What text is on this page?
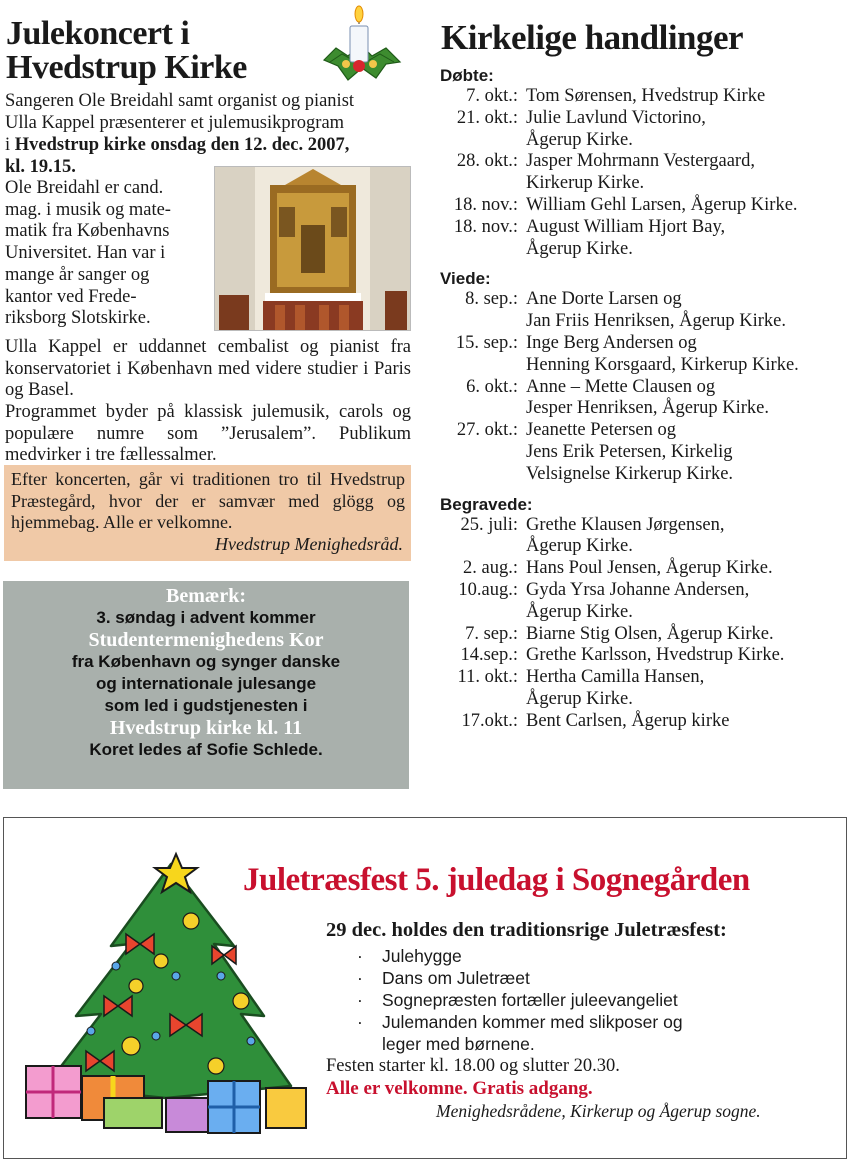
Julekoncert i
Hvedstrup Kirke
Sangeren Ole Breidahl samt organist og pianist
Ulla Kappel præsenterer et julemusikprogram
i Hvedstrup kirke onsdag den 12. dec. 2007,
kl. 19.15.
Ole Breidahl er cand.
mag. i musik og mate-
matik fra Københavns
Universitet. Han var i
mange år sanger og
kantor ved Frede-
riksborg Slotskirke.
Ulla Kappel er uddannet cembalist og pianist fra konservatoriet i København med videre studier i Paris og Basel.
Programmet byder på klassisk julemusik, carols og populære numre som ”Jerusalem”. Publikum medvirker i tre fællessalmer.
Efter koncerten, går vi traditionen tro til Hvedstrup Præstegård, hvor der er samvær med glögg og hjemmebag. Alle er velkomne.
Hvedstrup Menighedsråd.
Bemærk:
3. søndag i advent kommer
Studentermenighedens Kor
fra København og synger danske
og internationale julesange
som led i gudstjenesten i
Hvedstrup kirke kl. 11
Koret ledes af Sofie Schlede.
Kirkelige handlinger
Døbte:
7. okt.: Tom Sørensen, Hvedstrup Kirke
21. okt.: Julie Lavlund Victorino,
Ågerup Kirke.
28. okt.: Jasper Mohrmann Vestergaard,
Kirkerup Kirke.
18. nov.: William Gehl Larsen, Ågerup Kirke.
18. nov.: August William Hjort Bay,
Ågerup Kirke.
Viede:
8. sep.: Ane Dorte Larsen og
Jan Friis Henriksen, Ågerup Kirke.
15. sep.: Inge Berg Andersen og
Henning Korsgaard, Kirkerup Kirke.
6. okt.: Anne – Mette Clausen og
Jesper Henriksen, Ågerup Kirke.
27. okt.: Jeanette Petersen og
Jens Erik Petersen, Kirkelig
Velsignelse Kirkerup Kirke.
Begravede:
25. juli: Grethe Klausen Jørgensen,
Ågerup Kirke.
2. aug.: Hans Poul Jensen, Ågerup Kirke.
10.aug.: Gyda Yrsa Johanne Andersen,
Ågerup Kirke.
7. sep.: Biarne Stig Olsen, Ågerup Kirke.
14.sep.: Grethe Karlsson, Hvedstrup Kirke.
11. okt.: Hertha Camilla Hansen,
Ågerup Kirke.
17.okt.: Bent Carlsen, Ågerup kirke
Juletræsfest 5. juledag i Sognegården
29 dec. holdes den traditionsrige Juletræsfest:
·	Julehygge
·	Dans om Juletræet
·	Sognepræsten fortæller juleevangeliet
·	Julemanden kommer med slikposer og
leger med børnene.
Festen starter kl. 18.00 og slutter 20.30.
Alle er velkomne. Gratis adgang.
Menighedsrådene, Kirkerup og Ågerup sogne.
